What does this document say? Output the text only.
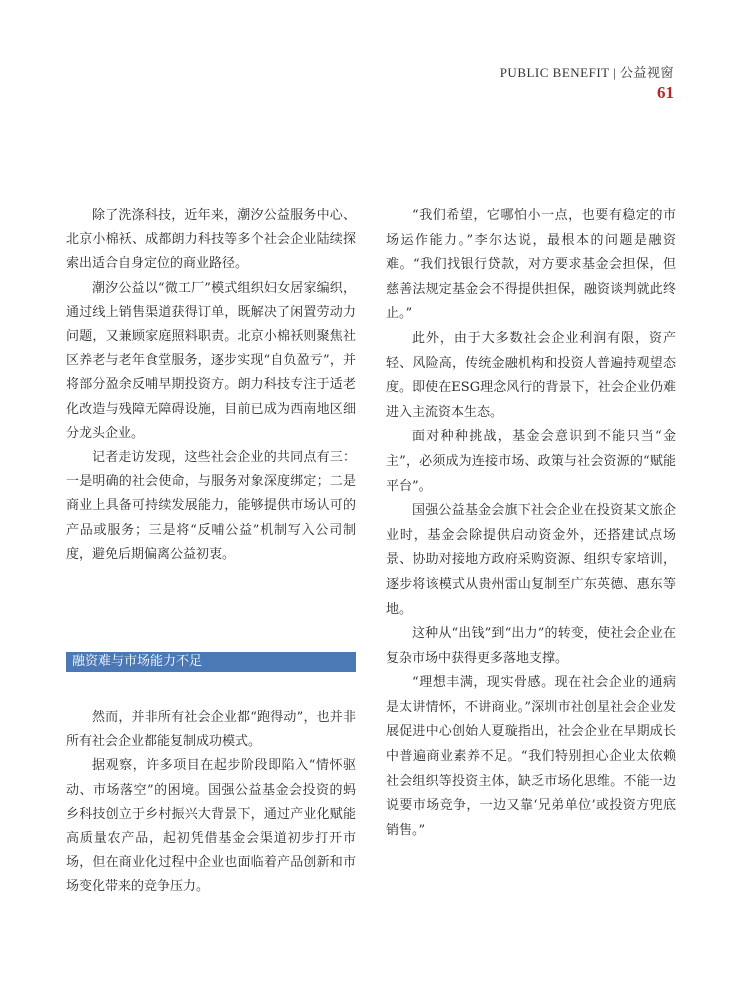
PUBLIC BENEFIT | 公益视窗
61

除了洗涤科技，近年来，潮汐公益服务中心、北京小棉袄、成都朗力科技等多个社会企业陆续探索出适合自身定位的商业路径。

潮汐公益以“微工厂”模式组织妇女居家编织，通过线上销售渠道获得订单，既解决了闲置劳动力问题，又兼顾家庭照料职责。北京小棉袄则聚焦社区养老与老年食堂服务，逐步实现“自负盈亏”，并将部分盈余反哺早期投资方。朗力科技专注于适老化改造与残障无障碍设施，目前已成为西南地区细分龙头企业。

记者走访发现，这些社会企业的共同点有三：一是明确的社会使命，与服务对象深度绑定；二是商业上具备可持续发展能力，能够提供市场认可的产品或服务；三是将“反哺公益”机制写入公司制度，避免后期偏离公益初衷。

融资难与市场能力不足

然而，并非所有社会企业都“跑得动”，也并非所有社会企业都能复制成功模式。

据观察，许多项目在起步阶段即陷入“情怀驱动、市场落空”的困境。国强公益基金会投资的蚂乡科技创立于乡村振兴大背景下，通过产业化赋能高质量农产品，起初凭借基金会渠道初步打开市场，但在商业化过程中企业也面临着产品创新和市场变化带来的竞争压力。

“我们希望，它哪怕小一点，也要有稳定的市场运作能力。”李尔达说，最根本的问题是融资难。“我们找银行贷款，对方要求基金会担保，但慈善法规定基金会不得提供担保，融资谈判就此终止。”

此外，由于大多数社会企业利润有限，资产轻、风险高，传统金融机构和投资人普遍持观望态度。即使在ESG理念风行的背景下，社会企业仍难进入主流资本生态。

面对种种挑战，基金会意识到不能只当“金主”，必须成为连接市场、政策与社会资源的“赋能平台”。

国强公益基金会旗下社会企业在投资某文旅企业时，基金会除提供启动资金外，还搭建试点场景、协助对接地方政府采购资源、组织专家培训，逐步将该模式从贵州雷山复制至广东英德、惠东等地。

这种从“出钱”到“出力”的转变，使社会企业在复杂市场中获得更多落地支撑。

“理想丰满，现实骨感。现在社会企业的通病是太讲情怀，不讲商业。”深圳市社创星社会企业发展促进中心创始人夏璇指出，社会企业在早期成长中普遍商业素养不足。“我们特别担心企业太依赖社会组织等投资主体，缺乏市场化思维。不能一边说要市场竞争，一边又靠‘兄弟单位’或投资方兜底销售。”
